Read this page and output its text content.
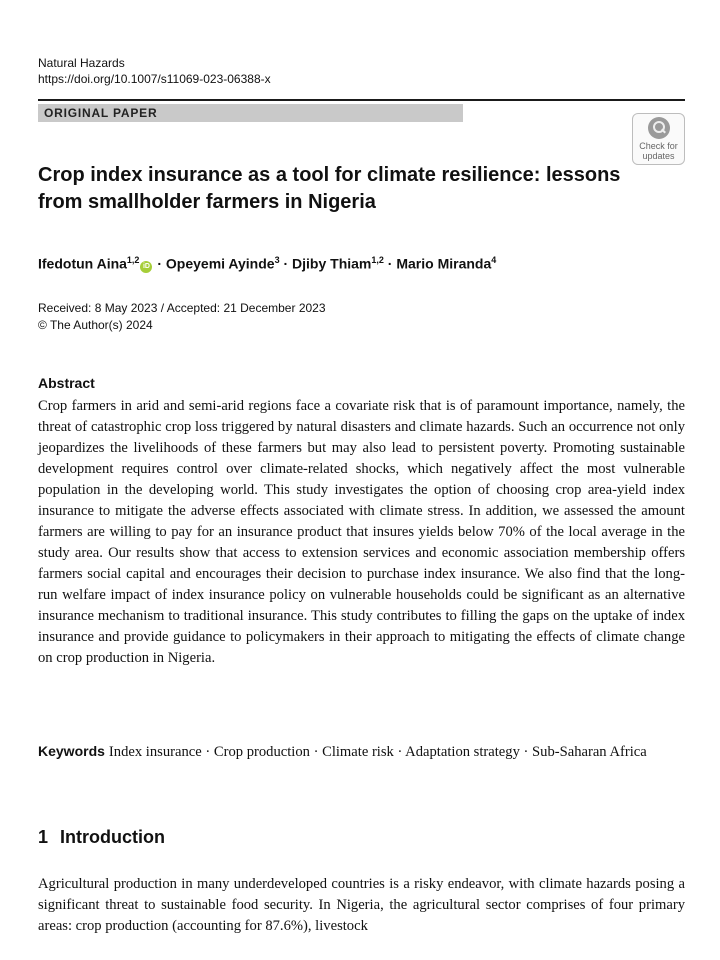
Natural Hazards
https://doi.org/10.1007/s11069-023-06388-x
ORIGINAL PAPER
Check for
updates
Crop index insurance as a tool for climate resilience: lessons from smallholder farmers in Nigeria
Ifedotun Aina$^{1,2}$iD · Opeyemi Ayinde$^3$ · Djiby Thiam$^{1,2}$ · Mario Miranda$^4$
Received: 8 May 2023 / Accepted: 21 December 2023
© The Author(s) 2024
Abstract

Crop farmers in arid and semi-arid regions face a covariate risk that is of paramount importance, namely, the threat of catastrophic crop loss triggered by natural disasters and climate hazards. Such an occurrence not only jeopardizes the livelihoods of these farmers but may also lead to persistent poverty. Promoting sustainable development requires control over climate-related shocks, which negatively affect the most vulnerable population in the developing world. This study investigates the option of choosing crop area-yield index insurance to mitigate the adverse effects associated with climate stress. In addition, we assessed the amount farmers are willing to pay for an insurance product that insures yields below 70% of the local average in the study area. Our results show that access to extension services and economic association membership offers farmers social capital and encourages their decision to purchase index insurance. We also find that the long-run welfare impact of index insurance policy on vulnerable households could be significant as an alternative insurance mechanism to traditional insurance. This study contributes to filling the gaps on the uptake of index insurance and provide guidance to policymakers in their approach to mitigating the effects of climate change on crop production in Nigeria.

Keywords Index insurance · Crop production · Climate risk · Adaptation strategy · Sub-Saharan Africa

1 Introduction

Agricultural production in many underdeveloped countries is a risky endeavor, with climate hazards posing a significant threat to sustainable food security. In Nigeria, the agricultural sector comprises of four primary areas: crop production (accounting for 87.6%), livestock
